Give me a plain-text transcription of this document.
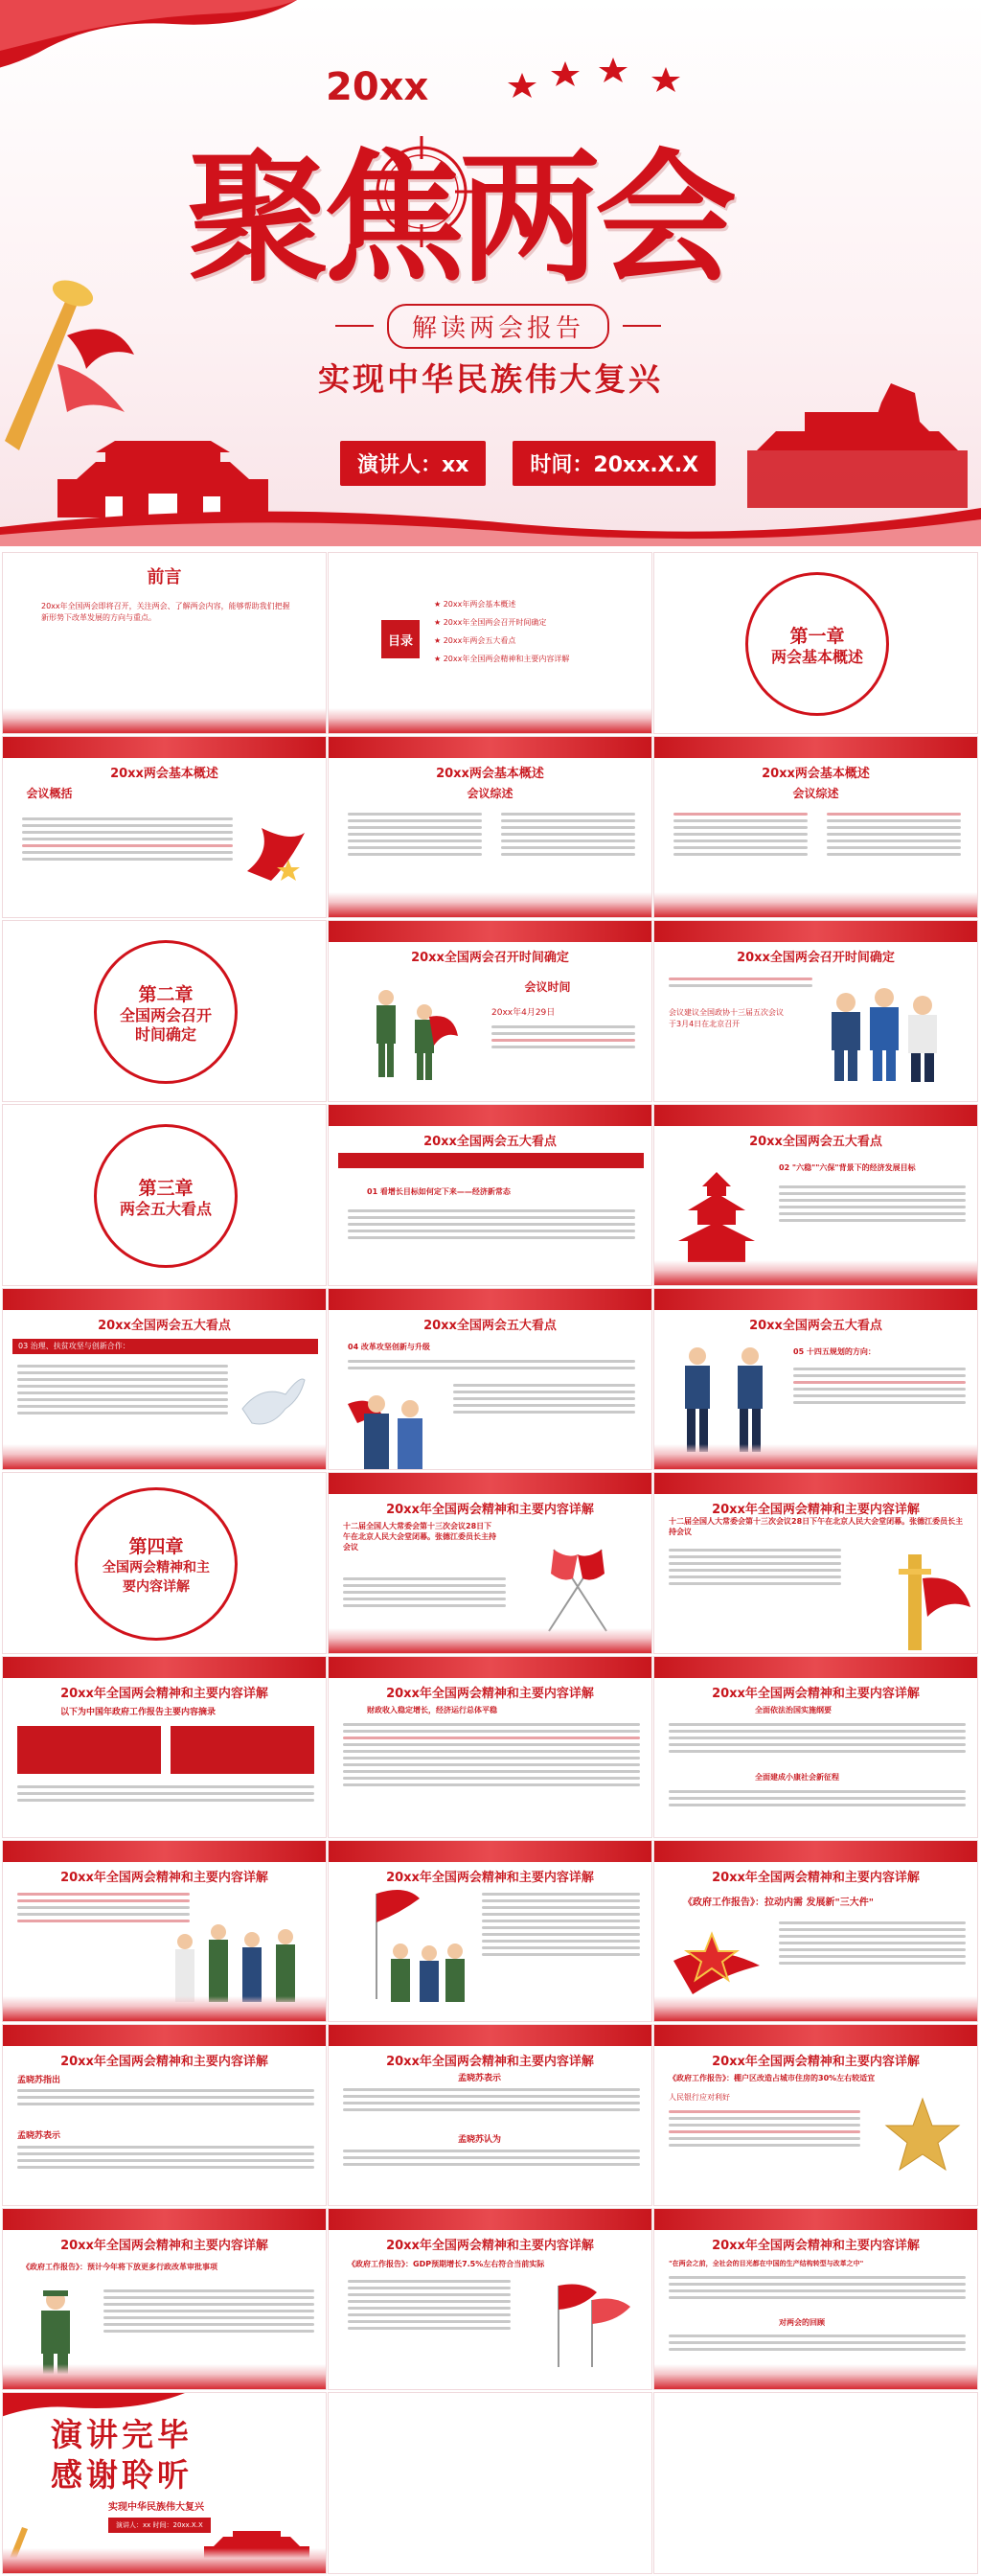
20xx
聚焦两会
解读两会报告
实现中华民族伟大复兴
演讲人：xx	时间：20xx.X.X
前言
20xx年全国两会即将召开，关注两会、了解两会内容，能够帮助我们把握新形势下改革发展的方向与重点。
目录
★ 20xx年两会基本概述
★ 20xx年全国两会召开时间确定
★ 20xx年两会五大看点
★ 20xx年全国两会精神和主要内容详解
第一章
两会基本概述
20xx两会基本概述
会议概括
20xx两会基本概述
会议综述
20xx两会基本概述
会议综述
第二章
全国两会召开
时间确定
20xx全国两会召开时间确定
会议时间
20xx年4月29日
20xx全国两会召开时间确定
会议建议全国政协十三届五次会议于3月4日在北京召开
第三章
两会五大看点
20xx全国两会五大看点
01 看增长目标如何定下来——经济新常态
20xx全国两会五大看点
02 "六稳""六保"背景下的经济发展目标
20xx全国两会五大看点
03 治理、扶贫攻坚与创新合作：
20xx全国两会五大看点
04 改革攻坚创新与升级
20xx全国两会五大看点
05 十四五规划的方向：
第四章
全国两会精神和主
要内容详解
20xx年全国两会精神和主要内容详解
十二届全国人大常委会第十三次会议28日下午在北京人民大会堂闭幕。张德江委员长主持会议
20xx年全国两会精神和主要内容详解
十二届全国人大常委会第十三次会议28日下午在北京人民大会堂闭幕。张德江委员长主持会议
20xx年全国两会精神和主要内容详解
以下为中国年政府工作报告主要内容摘录
20xx年全国两会精神和主要内容详解
财政收入稳定增长，经济运行总体平稳
20xx年全国两会精神和主要内容详解
全面依法治国实施纲要
全面建成小康社会新征程
20xx年全国两会精神和主要内容详解	20xx年全国两会精神和主要内容详解	20xx年全国两会精神和主要内容详解
《政府工作报告》：拉动内需 发展新"三大件"
20xx年全国两会精神和主要内容详解
孟晓苏指出
孟晓苏表示
20xx年全国两会精神和主要内容详解
孟晓苏表示
孟晓苏认为
20xx年全国两会精神和主要内容详解
《政府工作报告》：棚户区改造占城市住房的30%左右较适宜
人民银行应对利好
20xx年全国两会精神和主要内容详解
《政府工作报告》：预计今年将下放更多行政改革审批事项
20xx年全国两会精神和主要内容详解
《政府工作报告》：GDP预期增长7.5%左右符合当前实际
20xx年全国两会精神和主要内容详解
"在两会之前，全社会的目光都在中国的生产结构转型与改革之中"
对两会的回顾
演讲完毕
感谢聆听
实现中华民族伟大复兴
演讲人：xx 时间：20xx.X.X
